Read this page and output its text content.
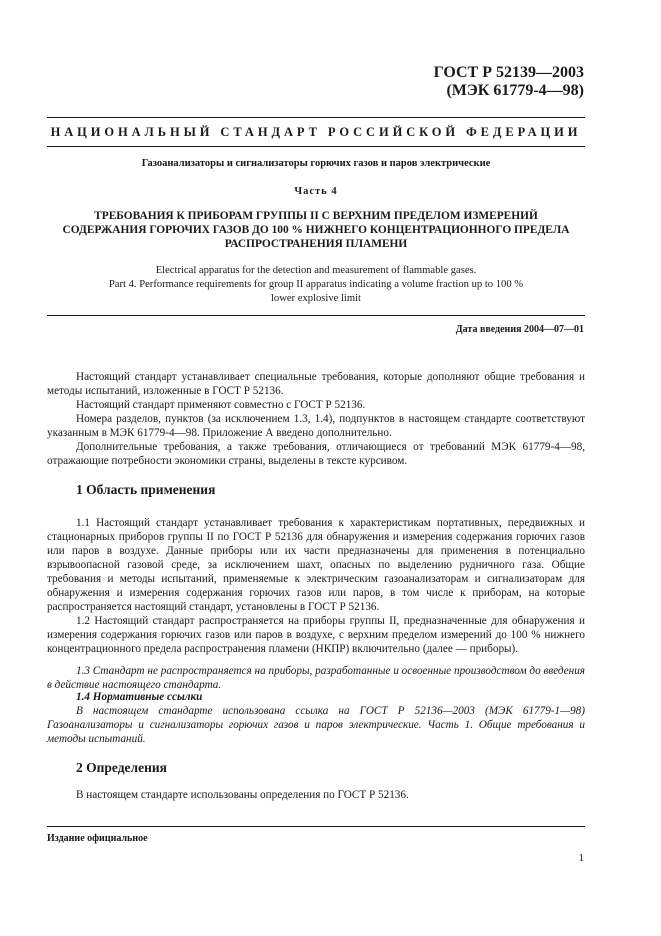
ГОСТ Р 52139—2003
(МЭК 61779-4—98)
НАЦИОНАЛЬНЫЙ СТАНДАРТ РОССИЙСКОЙ ФЕДЕРАЦИИ
Газоанализаторы и сигнализаторы горючих газов и паров электрические
Часть 4
ТРЕБОВАНИЯ К ПРИБОРАМ ГРУППЫ II С ВЕРХНИМ ПРЕДЕЛОМ ИЗМЕРЕНИЙ СОДЕРЖАНИЯ ГОРЮЧИХ ГАЗОВ ДО 100 % НИЖНЕГО КОНЦЕНТРАЦИОННОГО ПРЕДЕЛА РАСПРОСТРАНЕНИЯ ПЛАМЕНИ
Electrical apparatus for the detection and measurement of flammable gases.
Part 4. Performance requirements for group II apparatus indicating a volume fraction up to 100 %
lower explosive limit
Дата введения 2004—07—01
Настоящий стандарт устанавливает специальные требования, которые дополняют общие требования и методы испытаний, изложенные в ГОСТ Р 52136.
Настоящий стандарт применяют совместно с ГОСТ Р 52136.
Номера разделов, пунктов (за исключением 1.3, 1.4), подпунктов в настоящем стандарте соответствуют указанным в МЭК 61779-4—98. Приложение А введено дополнительно.
Дополнительные требования, а также требования, отличающиеся от требований МЭК 61779-4—98, отражающие потребности экономики страны, выделены в тексте курсивом.
1 Область применения
1.1 Настоящий стандарт устанавливает требования к характеристикам портативных, передвижных и стационарных приборов группы II по ГОСТ Р 52136 для обнаружения и измерения содержания горючих газов или паров в воздухе. Данные приборы или их части предназначены для применения в потенциально взрывоопасной газовой среде, за исключением шахт, опасных по выделению рудничного газа. Общие требования и методы испытаний, применяемые к электрическим газоанализаторам и сигнализаторам для обнаружения и измерения содержания горючих газов или паров, в том числе к приборам, на которые распространяется настоящий стандарт, установлены в ГОСТ Р 52136.
1.2 Настоящий стандарт распространяется на приборы группы II, предназначенные для обнаружения и измерения содержания горючих газов или паров в воздухе, с верхним пределом измерений до 100 % нижнего концентрационного предела распространения пламени (НКПР) включительно (далее — приборы).
1.3 Стандарт не распространяется на приборы, разработанные и освоенные производством до введения в действие настоящего стандарта.
1.4 Нормативные ссылки
В настоящем стандарте использована ссылка на ГОСТ Р 52136—2003 (МЭК 61779-1—98) Газоанализаторы и сигнализаторы горючих газов и паров электрические. Часть 1. Общие требования и методы испытаний.
2 Определения
В настоящем стандарте использованы определения по ГОСТ Р 52136.
Издание официальное
1
